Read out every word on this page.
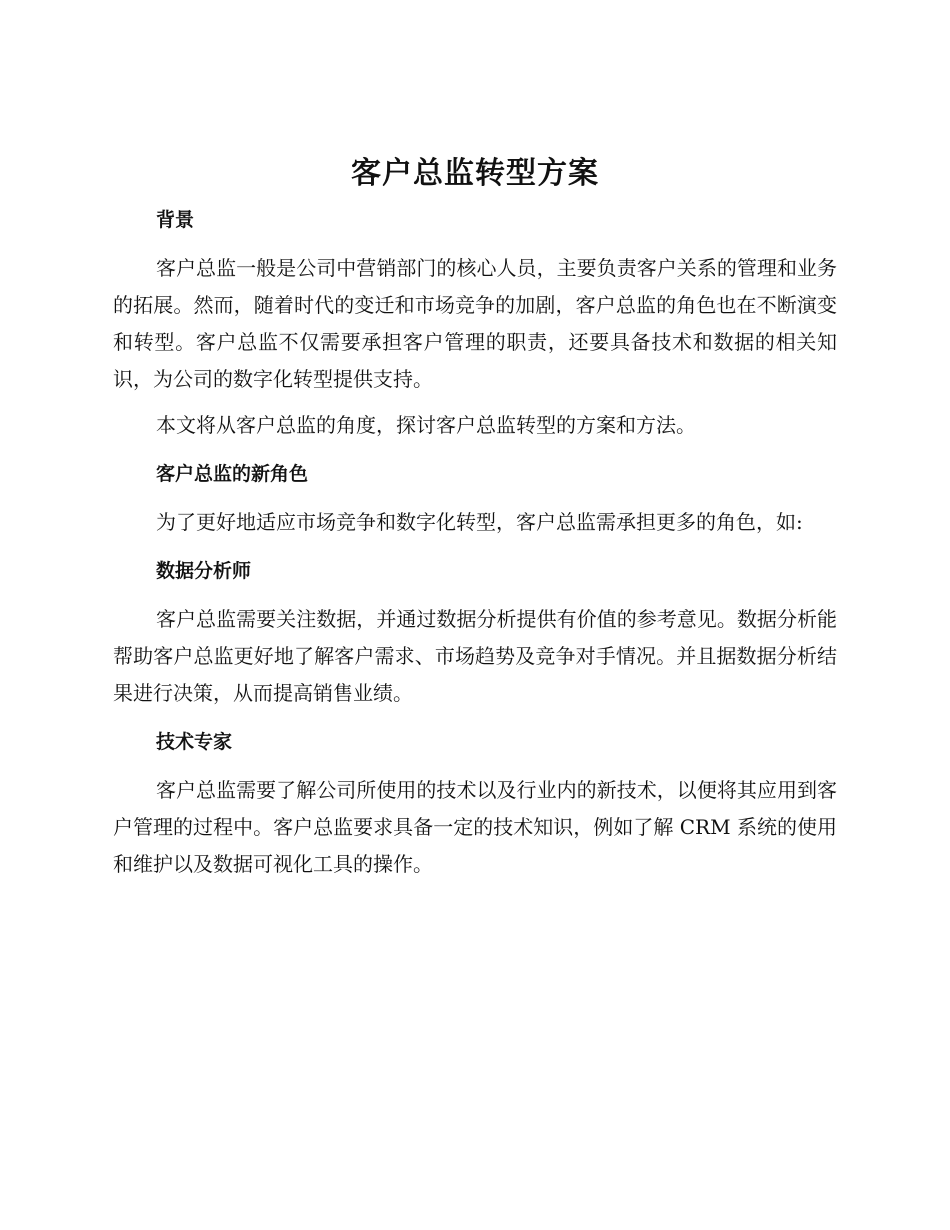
客户总监转型方案
背景

客户总监一般是公司中营销部门的核心人员，主要负责客户关系的管理和业务的拓展。然而，随着时代的变迁和市场竞争的加剧，客户总监的角色也在不断演变和转型。客户总监不仅需要承担客户管理的职责，还要具备技术和数据的相关知识，为公司的数字化转型提供支持。

本文将从客户总监的角度，探讨客户总监转型的方案和方法。

客户总监的新角色

为了更好地适应市场竞争和数字化转型，客户总监需承担更多的角色，如:

数据分析师

客户总监需要关注数据，并通过数据分析提供有价值的参考意见。数据分析能帮助客户总监更好地了解客户需求、市场趋势及竞争对手情况。并且据数据分析结果进行决策，从而提高销售业绩。

技术专家

客户总监需要了解公司所使用的技术以及行业内的新技术，以便将其应用到客户管理的过程中。客户总监要求具备一定的技术知识，例如了解 CRM 系统的使用和维护以及数据可视化工具的操作。
